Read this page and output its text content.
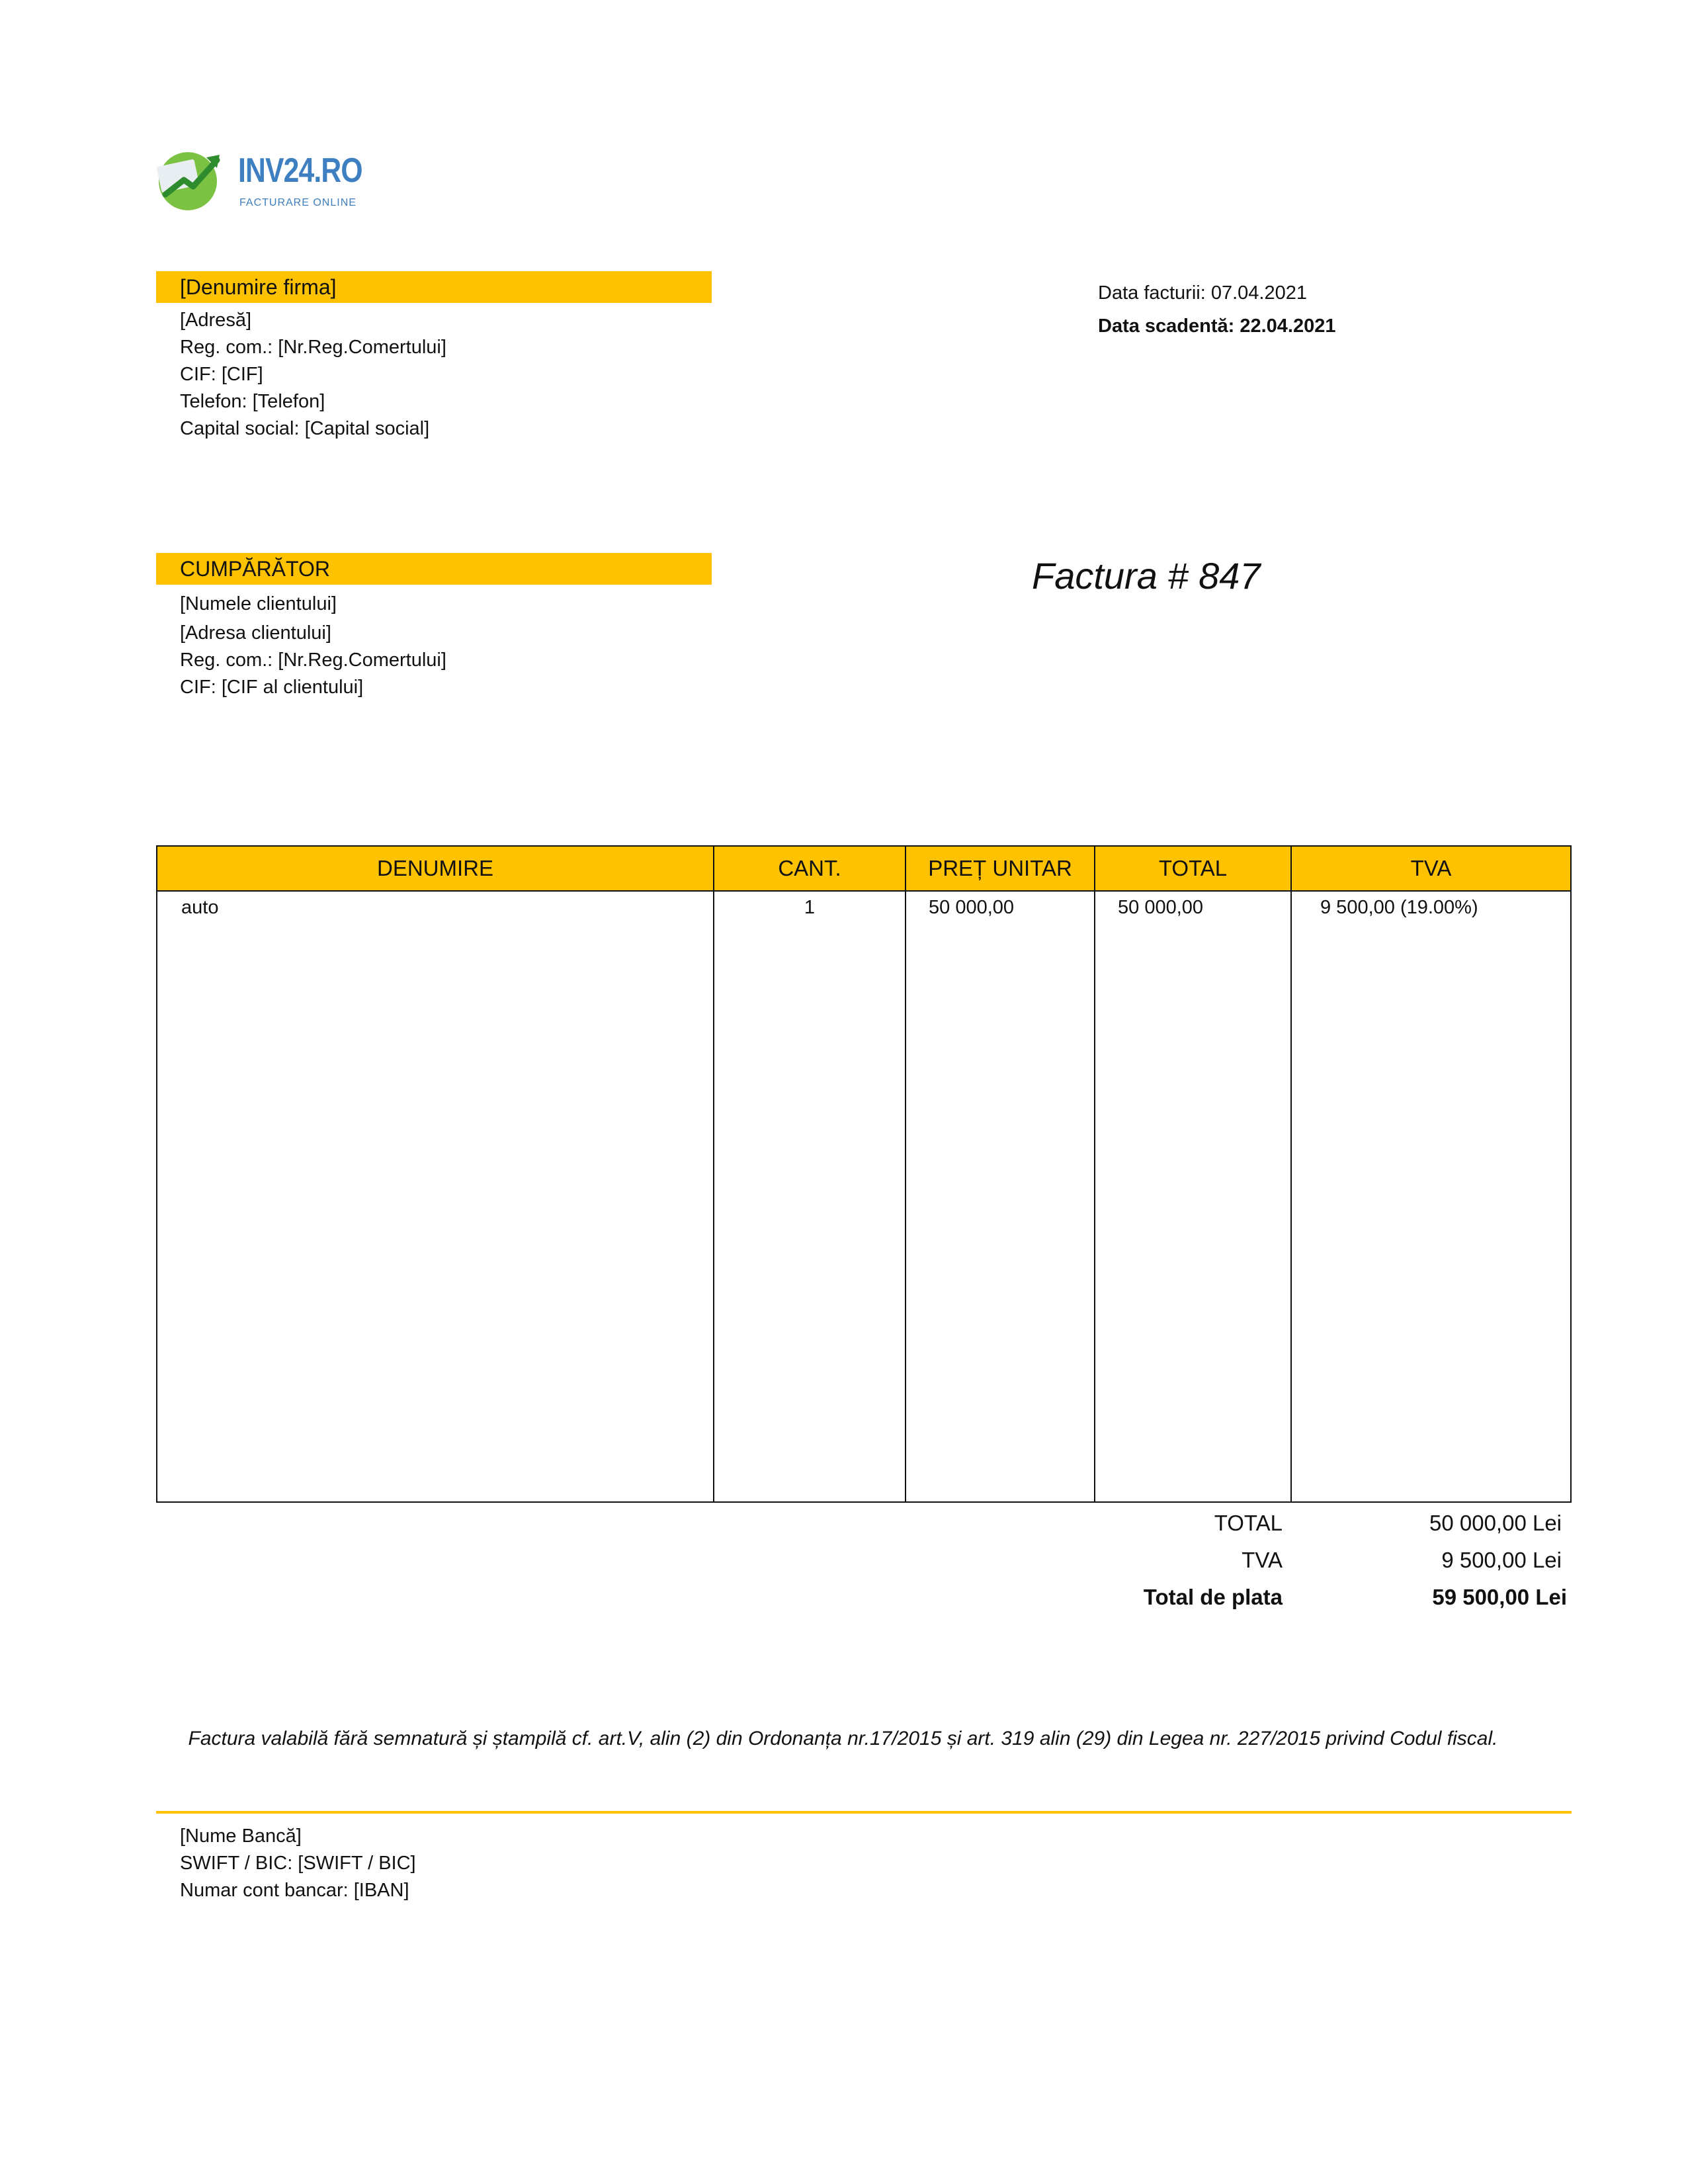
INV24.RO
FACTURARE ONLINE
[Denumire firma]
[Adresă]
Reg. com.: [Nr.Reg.Comertului]
CIF: [CIF]
Telefon: [Telefon]
Capital social: [Capital social]
Data facturii: 07.04.2021
Data scadentă: 22.04.2021
CUMPĂRĂTOR
[Numele clientului]
[Adresa clientului]
Reg. com.: [Nr.Reg.Comertului]
CIF: [CIF al clientului]
Factura # 847
DENUMIRE	CANT.	PREȚ UNITAR	TOTAL	TVA
auto	1	50 000,00	50 000,00	9 500,00 (19.00%)
TOTAL	50 000,00 Lei
TVA	9 500,00 Lei
Total de plata	59 500,00 Lei
Factura valabilă fără semnatură și ștampilă cf. art.V, alin (2) din Ordonanța nr.17/2015 și art. 319 alin (29) din Legea nr. 227/2015 privind Codul fiscal.
[Nume Bancă]
SWIFT / BIC: [SWIFT / BIC]
Numar cont bancar: [IBAN]
